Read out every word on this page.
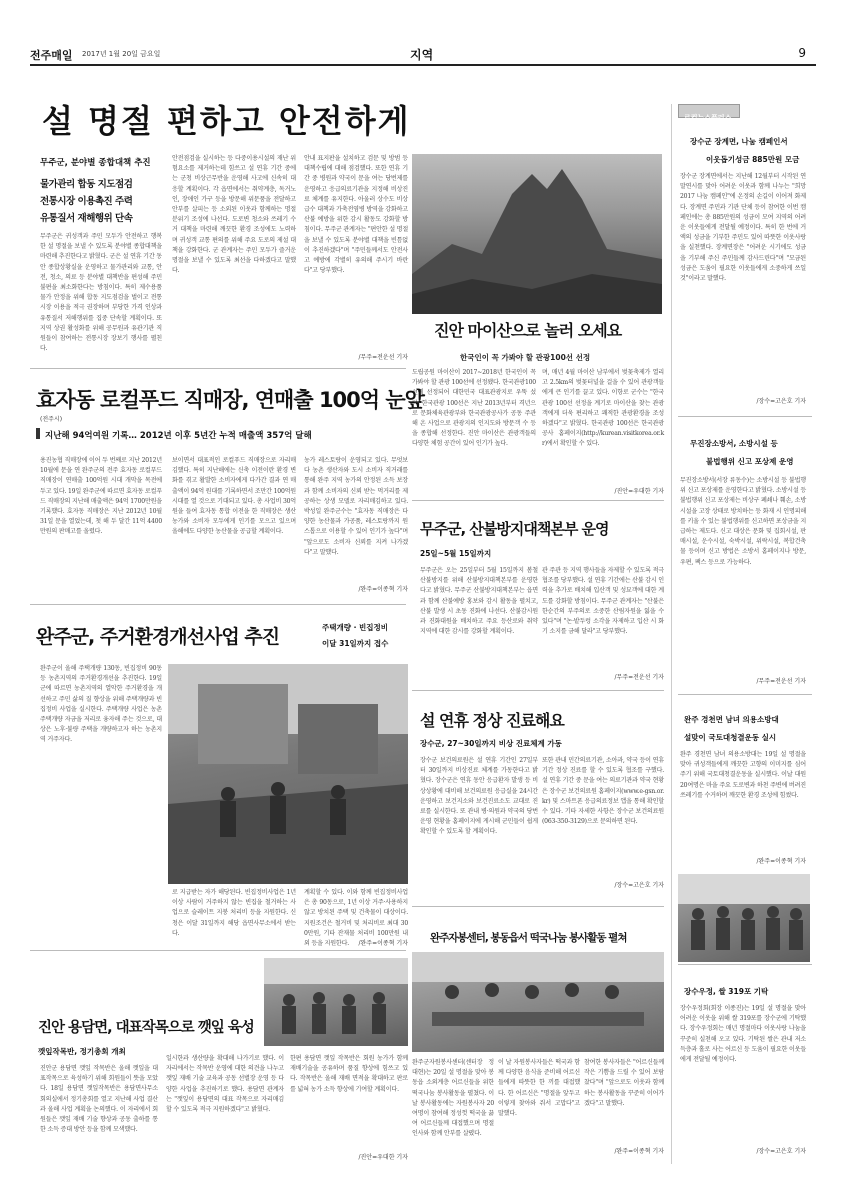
전주매일 2017년 1월 20일 금요일	지역	9
설 명절 편하고 안전하게
무주군, 분야별 종합대책 추진
물가관리 합동 지도점검
전통시장 이용촉진 주력
유통질서 재해행위 단속
무주군은 귀성객과 주민 모두가 안전하고 행복한 설 명절을 보낼 수 있도록 분야별 종합대책을 마련해 추진한다고 밝혔다. 군은 설 연휴 기간 동안 종합상황실을 운영하고 물가관리와 교통, 안전, 청소, 의료 등 분야별 대책반을 편성해 주민 불편을 최소화한다는 방침이다. 특히 제수용품 물가 안정을 위해 합동 지도점검을 벌이고 전통시장 이용을 적극 권장하며 부당한 가격 인상과 유통질서 저해행위를 집중 단속할 계획이다. 또 지역 상권 활성화를 위해 공무원과 유관기관 직원들이 참여하는 전통시장 장보기 행사를 펼친다.
안전점검을 실시하는 등 다중이용시설의 재난 위험요소를 제거하는데 힘쓰고 설 연휴 기간 중에는 군청 비상근무반을 운영해 사고에 신속히 대응할 계획이다. 각 읍면에서는 취약계층, 독거노인, 장애인 가구 등을 방문해 위문품을 전달하고 안부를 살피는 등 소외된 이웃과 함께하는 명절 분위기 조성에 나선다. 도로변 청소와 쓰레기 수거 대책을 마련해 깨끗한 환경 조성에도 노력하며 귀성객 교통 편의를 위해 주요 도로의 제설 대책을 강화한다. 군 관계자는 주민 모두가 즐거운 명절을 보낼 수 있도록 최선을 다하겠다고 말했다.
안내 표지판을 설치하고 검문 및 방범 등 대책수립에 대해 점검했다. 또한 연휴 기간 중 병원과 약국이 문을 여는 당번제를 운영하고 응급의료기관을 지정해 비상진료 체계를 유지한다. 아울러 상수도 비상급수 대책과 가축전염병 방역을 강화하고 산불 예방을 위한 감시 활동도 강화할 방침이다. 무주군 관계자는 "편안한 설 명절을 보낼 수 있도록 분야별 대책을 빈틈없이 추진하겠다"며 "주민들께서도 안전사고 예방에 각별히 유의해 주시기 바란다"고 당부했다.
/무주=전운선 기자
진안 마이산으로 놀러 오세요
한국인이 꼭 가봐야 할 관광100선 선정
도립공원 마이산이 2017~2018년 한국인이 꼭 가봐야 할 관광 100선에 선정됐다. 한국관광100선에 선정되어 대한민국 대표관광지로 우뚝 섰다. 한국관광 100선은 지난 2013년부터 격년으로 문화체육관광부와 한국관광공사가 공동 주관해 온 사업으로 관광지의 인지도와 방문객 수 등을 종합해 선정한다. 진안 마이산은 관광객들의 다양한 체험 공간이 있어 인기가 높다.
며, 매년 4월 마이산 남부에서 벚꽃축제가 열리고 2.5km의 벚꽃터널을 걸을 수 있어 관광객들에게 큰 인기를 끌고 있다. 이항로 군수는 "한국관광 100선 선정을 계기로 마이산을 찾는 관광객에게 더욱 편리하고 쾌적한 관광환경을 조성하겠다"고 밝혔다. 한국관광 100선은 한국관광공사 홈페이지(http://kurean.visitkorea.or.kr)에서 확인할 수 있다.
/진안=우대한 기자
로컬뉴스플러스
장수군 장계면, 나눔 캠페인서
이웃돕기성금 885만원 모금
장수군 장계면에서는 지난해 12월부터 시작된 연말연시를 맞아 어려운 이웃과 함께 나누는 "희망 2017 나눔 캠페인"에 온정의 손길이 이어져 화제다. 장계면 주민과 기관 단체 등이 참여한 이번 캠페인에는 총 885만원의 성금이 모여 지역의 어려운 이웃들에게 전달될 예정이다. 특히 한 번에 거액의 성금을 기부한 주민도 있어 따뜻한 이웃사랑을 실천했다. 장계면장은 "어려운 시기에도 성금을 기부해 주신 주민들께 감사드린다"며 "모금된 성금은 도움이 필요한 이웃들에게 소중하게 쓰일 것"이라고 말했다.
/장수=고은호 기자
무진장소방서, 소방시설 등
불법행위 신고 포상제 운영
무진장소방서(서장 류동수)는 소방시설 등 불법행위 신고 포상제를 운영한다고 밝혔다. 소방시설 등 불법행위 신고 포상제는 비상구 폐쇄나 훼손, 소방시설을 고장 상태로 방치하는 등 화재 시 인명피해를 키울 수 있는 불법행위를 신고하면 포상금을 지급하는 제도다. 신고 대상은 문화 및 집회시설, 판매시설, 운수시설, 숙박시설, 위락시설, 복합건축물 등이며 신고 방법은 소방서 홈페이지나 방문, 우편, 팩스 등으로 가능하다.
/무주=전운선 기자
완주 경천면 남녀 의용소방대
설맞이 국토대청결운동 실시
완주 경천면 남녀 의용소방대는 19일 설 명절을 맞아 귀성객들에게 깨끗한 고향의 이미지를 심어주기 위해 국토대청결운동을 실시했다. 이날 대원 20여명은 마을 주요 도로변과 하천 주변에 버려진 쓰레기를 수거하며 깨끗한 환경 조성에 힘썼다.
/완주=이종혁 기자
장수우정, 쌀 319포 기탁
장수우정회(회장 이종진)는 19일 설 명절을 맞아 어려운 이웃을 위해 쌀 319포를 장수군에 기탁했다. 장수우정회는 매년 명절마다 이웃사랑 나눔을 꾸준히 실천해 오고 있다. 기탁된 쌀은 관내 저소득층과 홀로 사는 어르신 등 도움이 필요한 이웃들에게 전달될 예정이다.
/장수=고은호 기자
효자동 로컬푸드 직매장, 연매출 100억 눈앞
(전주시)
지난해 94억여원 기록… 2012년 이후 5년간 누적 매출액 357억 달해
용진농협 직매장에 이어 두 번째로 지난 2012년 10월에 문을 연 완주군의 전주 효자동 로컬푸드 직매장이 연매출 100억원 시대 개막을 목전에 두고 있다. 19일 완주군에 따르면 효자동 로컬푸드 직매장의 지난해 매출액은 94억 1700만원을 기록했다. 효자동 직매장은 지난 2012년 10월 31일 문을 열었는데, 첫 해 두 달간 11억 4400만원의 판매고를 올렸다.
보이면서 대표적인 로컬푸드 직매장으로 자리매김했다. 특히 지난해에는 신축 이전이란 환경 변화를 겪고 활발한 소비자에게 다가간 결과 연 매출액이 94억 원대를 기록하면서 조만간 100억원 시대를 열 것으로 기대되고 있다. 총 사업비 30억원을 들여 효자동 통합 이전을 한 직매장은 생산 농가와 소비자 모두에게 인기를 모으고 있으며 올해에도 다양한 농산물을 공급할 계획이다.
농가 레스토랑이 운영되고 있다. 무엇보다 농촌 생산자와 도시 소비자 직거래를 통해 완주 지역 농가의 안정된 소득 보장과 함께 소비자의 신뢰 받는 먹거리를 제공하는 상생 모델로 자리매김하고 있다. 박성일 완주군수는 "효자동 직매장은 다양한 농산물과 가공품, 레스토랑까지 원스톱으로 이용할 수 있어 인기가 높다"며 "앞으로도 소비자 신뢰를 지켜 나가겠다"고 말했다.
/완주=이종혁 기자
무주군, 산불방지대책본부 운영
25일~5월 15일까지
무주군은 오는 25일부터 5월 15일까지 봄철 산불방지를 위해 산불방지대책본부를 운영한다고 밝혔다. 무주군 산불방지대책본부는 읍면과 함께 산불예방 홍보와 감시 활동을 펼치고, 산불 발생 시 초동 진화에 나선다. 산불감시원과 진화대원을 배치하고 주요 등산로와 취약 지역에 대한 감시를 강화할 계획이다.
관 주관 등 지역 행사들을 자제할 수 있도록 적극 협조를 당부했다. 설 연휴 기간에는 산불 감시 인력을 추가로 배치해 입산객 및 성묘객에 대한 계도를 강화할 방침이다. 무주군 관계자는 "산불은 한순간의 부주의로 소중한 산림자원을 잃을 수 있다"며 "논·밭두렁 소각을 자제하고 입산 시 화기 소지를 금해 달라"고 당부했다.
/무주=전운선 기자
완주군, 주거환경개선사업 추진	주택개량 · 빈집정비
이달 31일까지 접수
완주군이 올해 주택개량 130동, 빈집정비 90동 등 농촌지역의 주거환경개선을 추진한다. 19일 군에 따르면 농촌지역의 열악한 주거환경을 개선하고 주민 삶의 질 향상을 위해 주택개량과 빈집정비 사업을 실시한다. 주택개량 사업은 농촌주택개량 자금을 저리로 융자해 주는 것으로, 대상은 노후·불량 주택을 개량하고자 하는 농촌지역 거주자다.
로 지급받는 자가 해당된다. 빈집정비사업은 1년 이상 사람이 거주하지 않는 빈집을 철거하는 사업으로 슬레이트 지붕 처리비 등을 지원한다. 신청은 이달 31일까지 해당 읍면사무소에서 받는다.
계획할 수 있다. 이와 함께 빈집정비사업은 총 90동으로, 1년 이상 거주·사용하지 않고 방치된 주택 및 건축물이 대상이다. 지원조건은 철거비 및 처리비로 최대 300만원, 기타 잔재물 처리비 100만원 내외 등을 지원한다.	/완주=이종혁 기자
설 연휴 정상 진료해요
장수군, 27~30일까지 비상 진료체계 가동
장수군 보건의료원은 설 연휴 기간인 27일부터 30일까지 비상진료 체계를 가동한다고 밝혔다. 장수군은 연휴 동안 응급환자 발생 등 비상상황에 대비해 보건의료원 응급실을 24시간 운영하고 보건지소와 보건진료소도 교대로 진료를 실시한다. 또 관내 병·의원과 약국의 당번 운영 현황을 홈페이지에 게시해 군민들이 쉽게 확인할 수 있도록 할 계획이다.
또한 관내 민간의료기관, 소아과, 약국 등이 연휴 기간 정상 진료를 할 수 있도록 협조를 구했다. 설 연휴 기간 중 문을 여는 의료기관과 약국 현황은 장수군 보건의료원 홈페이지(www.e-gsn.or.kr) 및 스마트폰 응급의료정보 앱을 통해 확인할 수 있다. 기타 자세한 사항은 장수군 보건의료원(063-350-3129)으로 문의하면 된다.
/장수=고은호 기자
완주자봉센터, 봉동읍서 떡국나눔 봉사활동 펼쳐
완주군자원봉사센터(센터장 정대현)는 20일 설 명절을 맞아 봉동읍 소외계층 어르신들을 위한 떡국나눔 봉사활동을 펼쳤다. 이날 봉사활동에는 자원봉사자 20여명이 참여해 정성껏 떡국을 끓여 어르신들께 대접했으며 명절 인사와 함께 안부를 살폈다.
이 날 자원봉사자들은 떡국과 함께 다양한 음식을 준비해 어르신들에게 따뜻한 한 끼를 대접했다. 한 어르신은 "명절을 앞두고 이렇게 찾아와 줘서 고맙다"고 말했다.
참여한 봉사자들은 "어르신들께 작은 기쁨을 드릴 수 있어 보람찼다"며 "앞으로도 이웃과 함께하는 봉사활동을 꾸준히 이어가겠다"고 말했다.
/완주=이종혁 기자
진안 용담면, 대표작목으로 깻잎 육성
깻잎작목반, 정기총회 개최
진안군 용담면 깻잎 작목반은 올해 깻잎을 대표작목으로 육성하기 위해 회원들이 뜻을 모았다. 18일 용담면 깻잎작목반은 용담면사무소 회의실에서 정기총회를 열고 지난해 사업 결산과 올해 사업 계획을 논의했다. 이 자리에서 회원들은 깻잎 재배 기술 향상과 공동 출하를 통한 소득 증대 방안 등을 함께 모색했다.
일시한과 생산량을 확대해 나가기로 했다. 이 자리에서는 작목반 운영에 대한 의견을 나누고 깻잎 재배 기술 교육과 공동 선별장 운영 등 다양한 사업을 추진하기로 했다. 용담면 관계자는 "깻잎이 용담면의 대표 작목으로 자리매김할 수 있도록 적극 지원하겠다"고 밝혔다.
한편 용담면 깻잎 작목반은 회원 농가가 함께 재배기술을 공유하며 품질 향상에 힘쓰고 있다. 작목반은 올해 재배 면적을 확대하고 판로를 넓혀 농가 소득 향상에 기여할 계획이다.
/진안=우대한 기자
